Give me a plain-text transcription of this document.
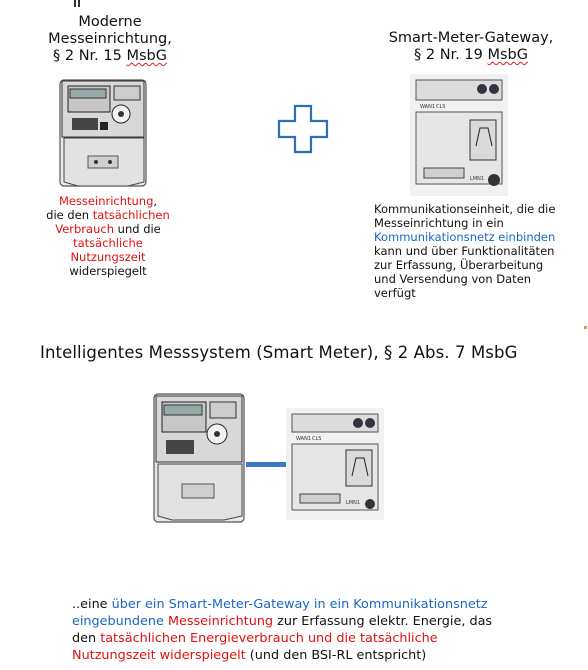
Moderne
Messeinrichtung,
§ 2 Nr. 15 MsbG
Messeinrichtung,
die den tatsächlichen
Verbrauch und die
tatsächliche
Nutzungszeit
widerspiegelt
Smart-Meter-Gateway,
§ 2 Nr. 19 MsbG
WAN1 CLS
LMN1
Kommunikationseinheit, die die
Messeinrichtung in ein
Kommunikationsnetz einbinden
kann und über Funktionalitäten
zur Erfassung, Überarbeitung
und Versendung von Daten
verfügt
Intelligentes Messsystem (Smart Meter), § 2 Abs. 7 MsbG
WAN1 CLS
LMN1
..eine über ein Smart-Meter-Gateway in ein Kommunikationsnetz
eingebundene Messeinrichtung zur Erfassung elektr. Energie, das
den tatsächlichen Energieverbrauch und die tatsächliche
Nutzungszeit widerspiegelt (und den BSI-RL entspricht)
